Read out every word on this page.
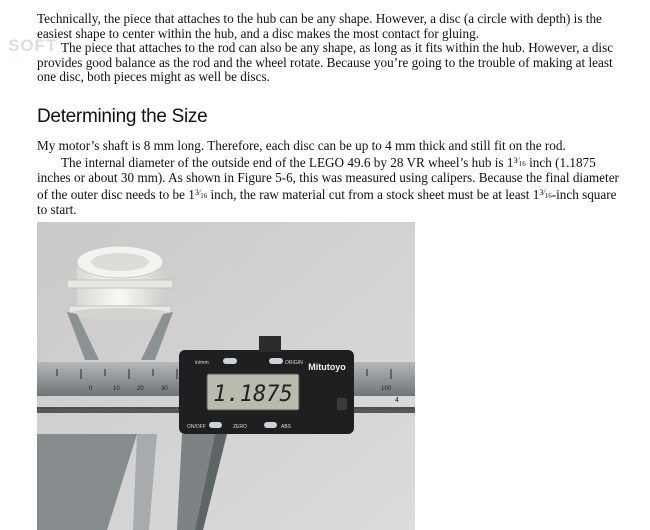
SOFT
...

Technically, the piece that attaches to the hub can be any shape. However, a disc (a circle with depth) is the easiest shape to center within the hub, and a disc makes the most contact for gluing.

The piece that attaches to the rod can also be any shape, as long as it fits within the hub. However, a disc provides good balance as the rod and the wheel rotate. Because you’re going to the trouble of making at least one disc, both pieces might as well be discs.

Determining the Size

My motor’s shaft is 8 mm long. Therefore, each disc can be up to 4 mm thick and still fit on the rod.

The internal diameter of the outside end of the LEGO 49.6 by 28 VR wheel’s hub is $1^{3⁄_{16}}$ inch (1.1875 inches or about 30 mm). As shown in Figure 5-6, this was measured using calipers. Because the final diameter of the outer disc needs to be $1^{3⁄_{16}}$ inch, the raw material cut from a stock sheet must be at least $1^{3⁄_{16}}$-inch square to start.

0	10	20	30	100
4
1.1875
Mitutoyo
in/mm	ORIGIN
ON/OFF	ZERO	ABS
